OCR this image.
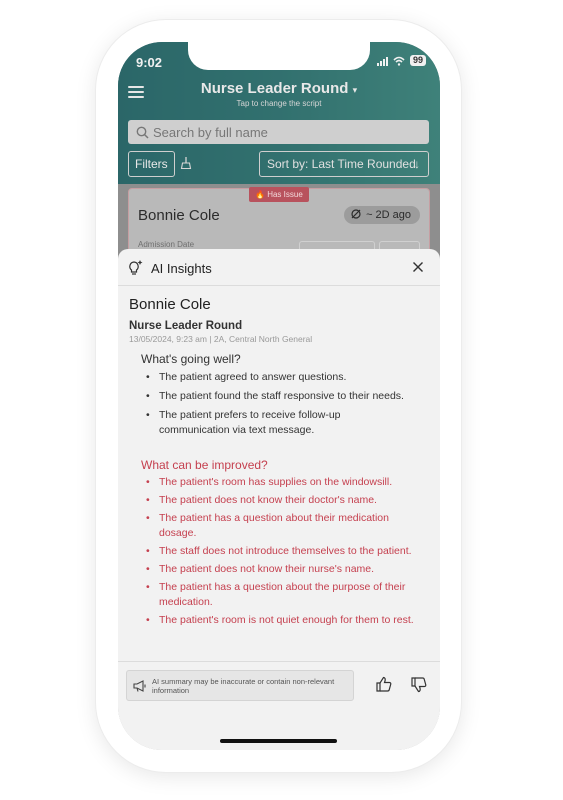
9:02	99
Nurse Leader Round ▾
Tap to change the script
Search by full name
Filters	Sort by: Last Time Rounded
↓
🔥 Has Issue
Bonnie Cole	~ 2D ago
Admission Date
AI Insights
Bonnie Cole
Nurse Leader Round
13/05/2024, 9:23 am | 2A, Central North General
What's going well?
• The patient agreed to answer questions.
• The patient found the staff responsive to their needs.
• The patient prefers to receive follow-up communication via text message.
What can be improved?
• The patient's room has supplies on the windowsill.
• The patient does not know their doctor's name.
• The patient has a question about their medication dosage.
• The staff does not introduce themselves to the patient.
• The patient does not know their nurse's name.
• The patient has a question about the purpose of their medication.
• The patient's room is not quiet enough for them to rest.
AI summary may be inaccurate or contain non-relevant information
